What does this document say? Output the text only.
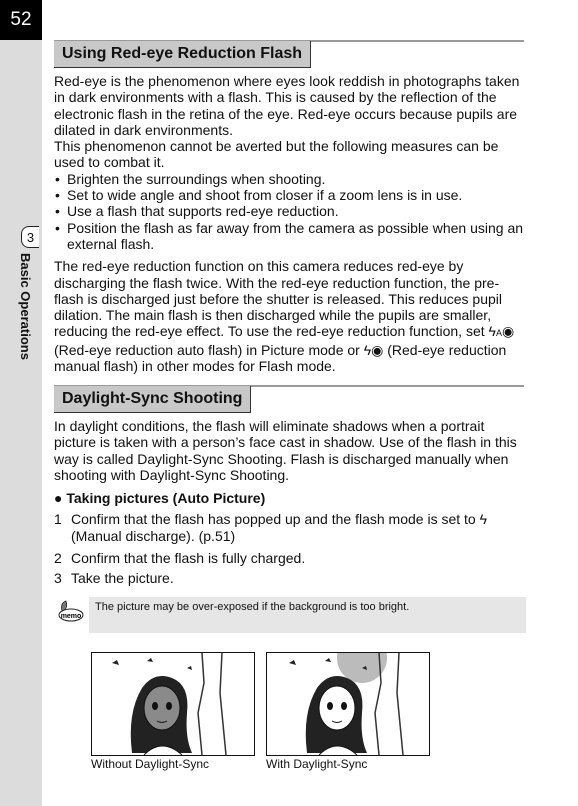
52
3
Basic Operations
Using Red-eye Reduction Flash

Red-eye is the phenomenon where eyes look reddish in photographs taken in dark environments with a flash. This is caused by the reflection of the electronic flash in the retina of the eye. Red-eye occurs because pupils are dilated in dark environments.

This phenomenon cannot be averted but the following measures can be used to combat it.

• Brighten the surroundings when shooting.
• Set to wide angle and shoot from closer if a zoom lens is in use.
• Use a flash that supports red-eye reduction.
• Position the flash as far away from the camera as possible when using an external flash.

The red-eye reduction function on this camera reduces red-eye by discharging the flash twice. With the red-eye reduction function, the pre-flash is discharged just before the shutter is released. This reduces pupil dilation. The main flash is then discharged while the pupils are smaller, reducing the red-eye effect. To use the red-eye reduction function, set ϟA◉ (Red-eye reduction auto flash) in Picture mode or ϟ◉ (Red-eye reduction manual flash) in other modes for Flash mode.

Daylight-Sync Shooting
In daylight conditions, the flash will eliminate shadows when a portrait picture is taken with a person’s face cast in shadow. Use of the flash in this way is called Daylight-Sync Shooting. Flash is discharged manually when shooting with Daylight-Sync Shooting.
● Taking pictures (Auto Picture)
1 Confirm that the flash has popped up and the flash mode is set to ϟ
(Manual discharge). (p.51)
2 Confirm that the flash is fully charged.
3 Take the picture.
memo
The picture may be over-exposed if the background is too bright.
Without Daylight-Sync	With Daylight-Sync
